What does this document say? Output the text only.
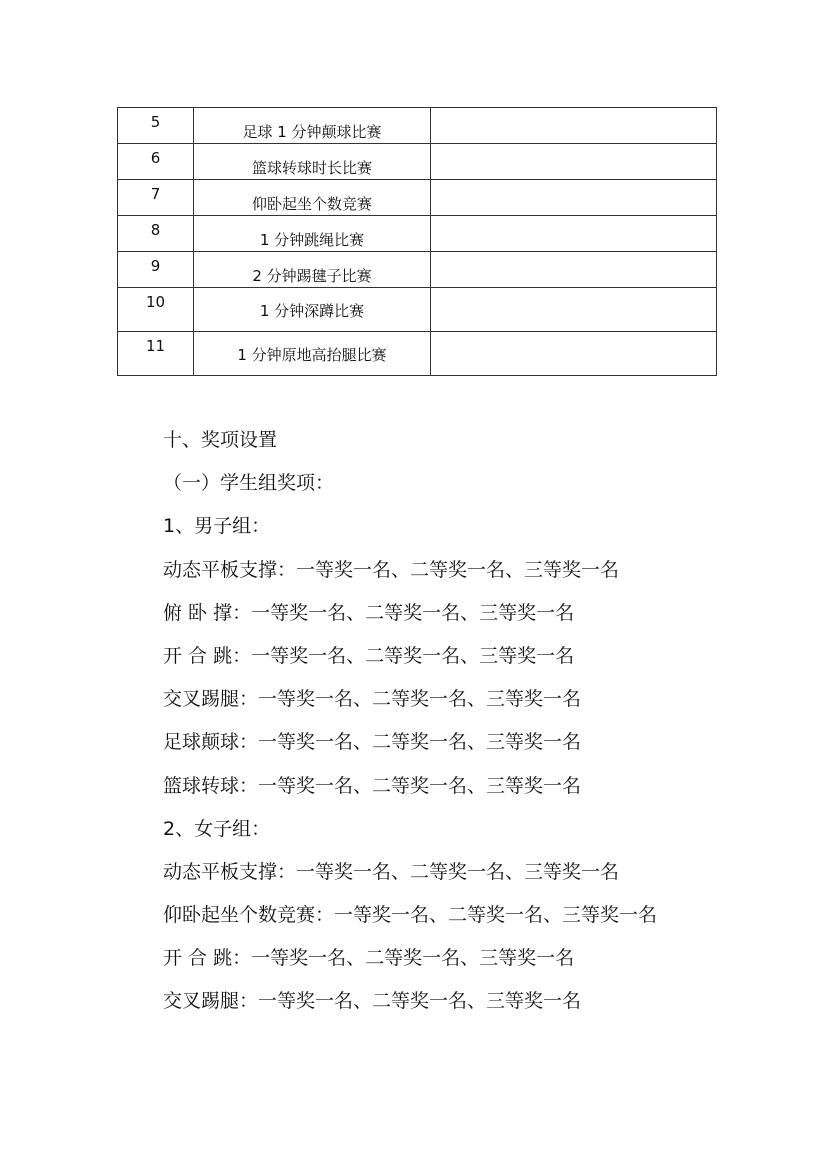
5	足球 1 分钟颠球比赛	

6	篮球转球时长比赛	

7	仰卧起坐个数竞赛	

8	1 分钟跳绳比赛	

9	2 分钟踢毽子比赛	

10	1 分钟深蹲比赛	

11	1 分钟原地高抬腿比赛	

十、奖项设置
（一）学生组奖项：
1、男子组：
动态平板支撑：一等奖一名、二等奖一名、三等奖一名
俯 卧 撑：一等奖一名、二等奖一名、三等奖一名
开 合 跳：一等奖一名、二等奖一名、三等奖一名
交叉踢腿：一等奖一名、二等奖一名、三等奖一名
足球颠球：一等奖一名、二等奖一名、三等奖一名
篮球转球：一等奖一名、二等奖一名、三等奖一名
2、女子组：
动态平板支撑：一等奖一名、二等奖一名、三等奖一名
仰卧起坐个数竞赛：一等奖一名、二等奖一名、三等奖一名
开 合 跳：一等奖一名、二等奖一名、三等奖一名
交叉踢腿：一等奖一名、二等奖一名、三等奖一名
